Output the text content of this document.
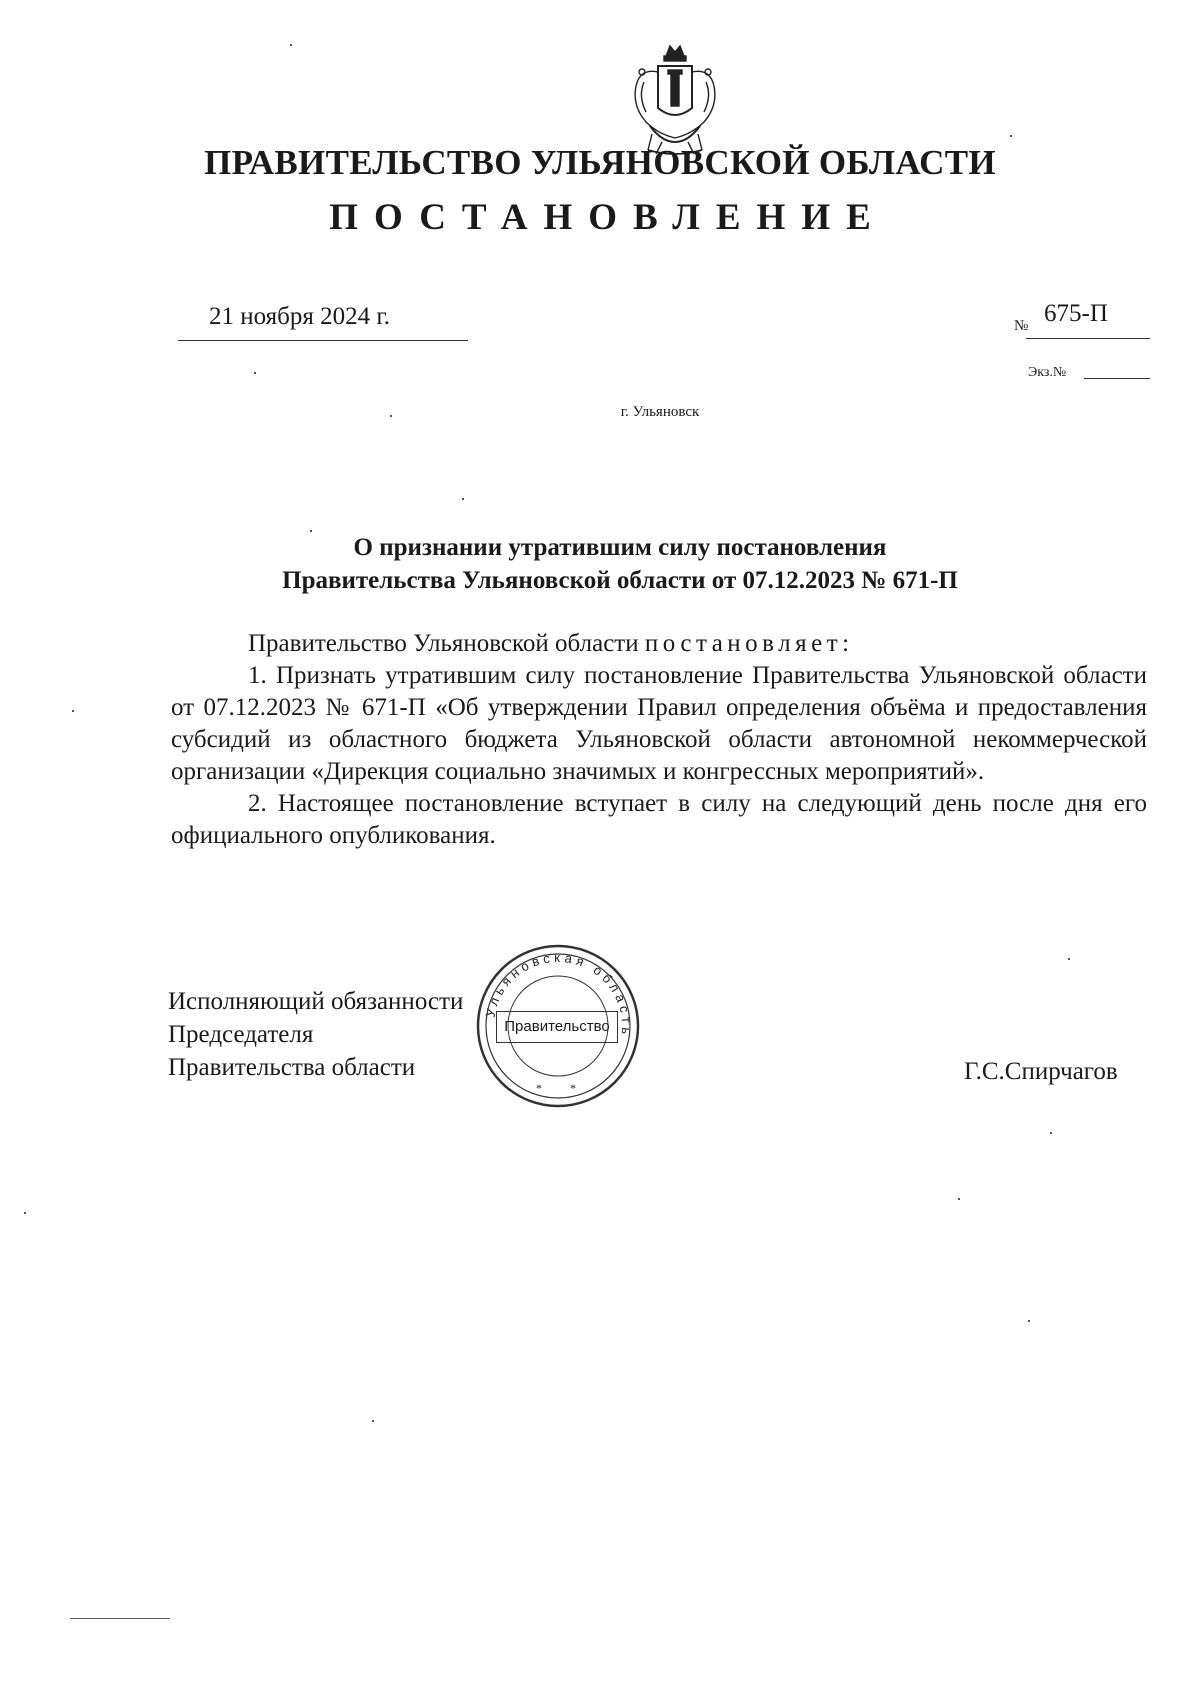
ПРАВИТЕЛЬСТВО УЛЬЯНОВСКОЙ ОБЛАСТИ
ПОСТАНОВЛЕНИЕ
21 ноября 2024 г.	№ 675-П
Экз.№
г. Ульяновск
О признании утратившим силу постановления
Правительства Ульяновской области от 07.12.2023 № 671-П

Правительство Ульяновской области постановляет:

1. Признать утратившим силу постановление Правительства Ульяновской области от 07.12.2023 № 671-П «Об утверждении Правил определения объёма и предоставления субсидий из областного бюджета Ульяновской области автономной некоммерческой организации «Дирекция социально значимых и конгрессных мероприятий».

2. Настоящее постановление вступает в силу на следующий день после дня его официального опубликования.

Исполняющий обязанности
Председателя
Правительства области	Г.С.Спирчагов
Ульяновская область
* *
Правительство
